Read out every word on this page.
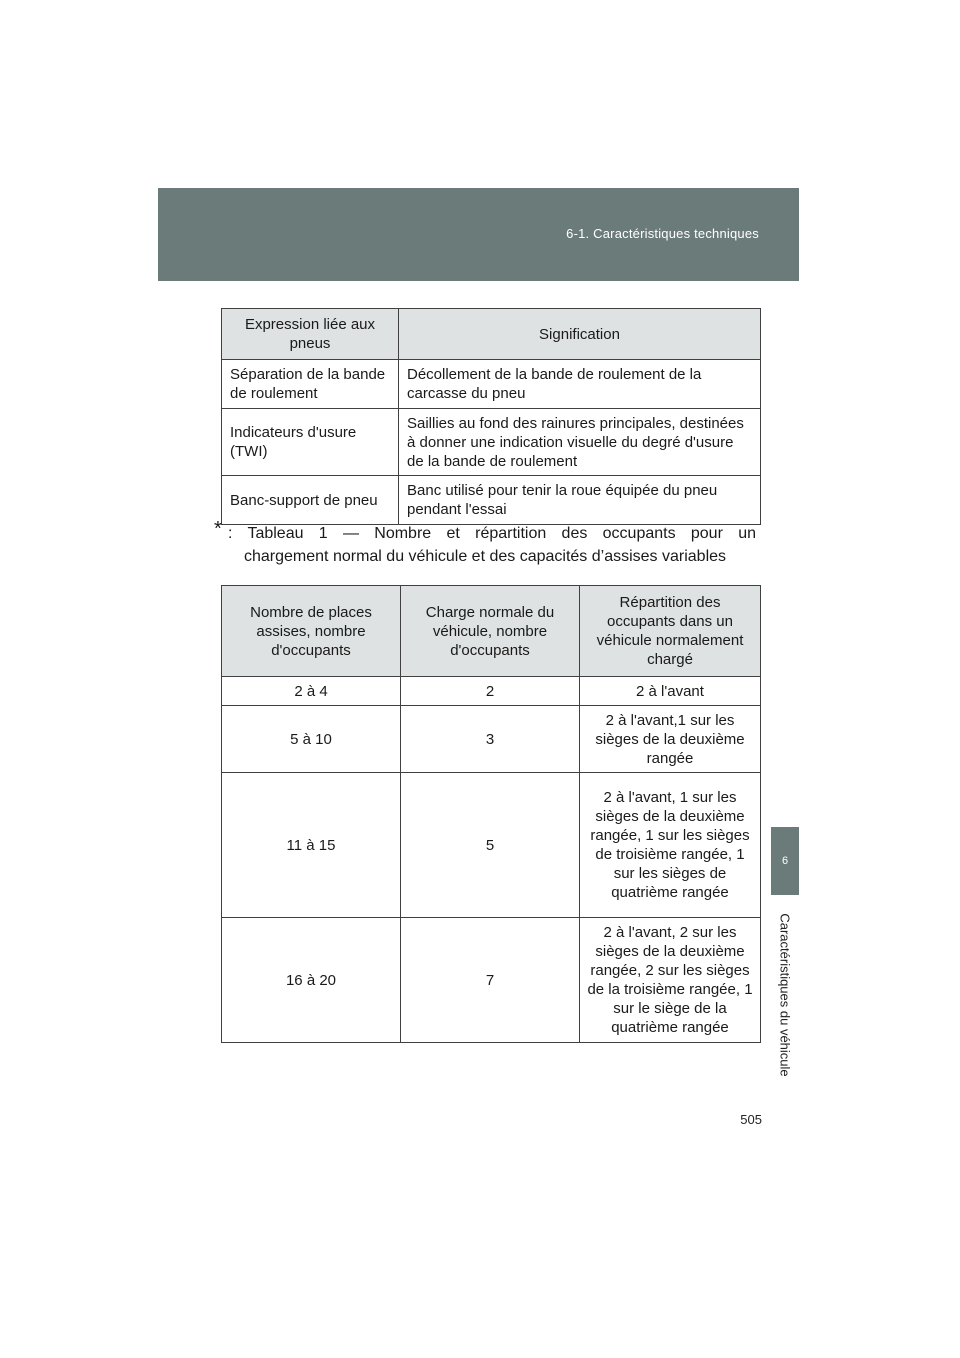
6-1. Caractéristiques techniques
6
Caractéristiques du véhicule
Expression liée aux pneus	Signification
Séparation de la bande de roulement	Décollement de la bande de roulement de la carcasse du pneu
Indicateurs d'usure (TWI)	Saillies au fond des rainures principales, destinées à donner une indication visuelle du degré d'usure de la bande de roulement
Banc-support de pneu	Banc utilisé pour tenir la roue équipée du pneu pendant l'essai
* : Tableau 1 — Nombre et répartition des occupants pour un
chargement normal du véhicule et des capacités d’assises variables
Nombre de places assises, nombre d'occupants	Charge normale du véhicule, nombre d'occupants	Répartition des occupants dans un véhicule normalement chargé
2 à 4	2	2 à l'avant
5 à 10	3	2 à l'avant,1 sur les sièges de la deuxième rangée
11 à 15	5	2 à l'avant, 1 sur les sièges de la deuxième rangée, 1 sur les sièges de troisième rangée, 1 sur les sièges de quatrième rangée
16 à 20	7	2 à l'avant, 2 sur les sièges de la deuxième rangée, 2 sur les sièges de la troisième rangée, 1 sur le siège de la quatrième rangée
505
